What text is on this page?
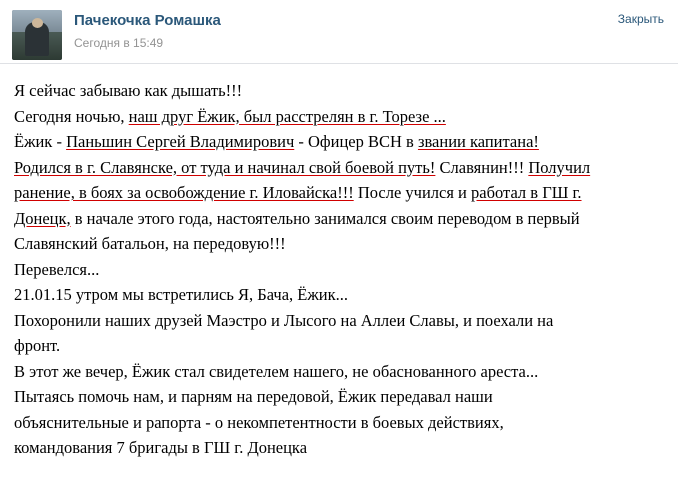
Пачекочка Ромашка
Сегодня в 15:49
Закрыть

Я сейчас забываю как дышать!!!

Сегодня ночью, наш друг Ёжик, был расстрелян в г. Торезе ...

Ёжик - Паньшин Сергей Владимирович - Офицер ВСН в звании капитана!

Родился в г. Славянске, от туда и начинал свой боевой путь! Славянин!!! Получил

ранение, в боях за освобождение г. Иловайска!!! После учился и работал в ГШ г.

Донецк, в начале этого года, настоятельно занимался своим переводом в первый

Славянский батальон, на передовую!!!

Перевелся...

21.01.15 утром мы встретились Я, Бача, Ёжик...

Похоронили наших друзей Маэстро и Лысого на Аллеи Славы, и поехали на

фронт.

В этот же вечер, Ёжик стал свидетелем нашего, не обаснованного ареста...

Пытаясь помочь нам, и парням на передовой, Ёжик передавал наши

объяснительные и рапорта - о некомпетентности в боевых действиях,

командования 7 бригады в ГШ г. Донецка
